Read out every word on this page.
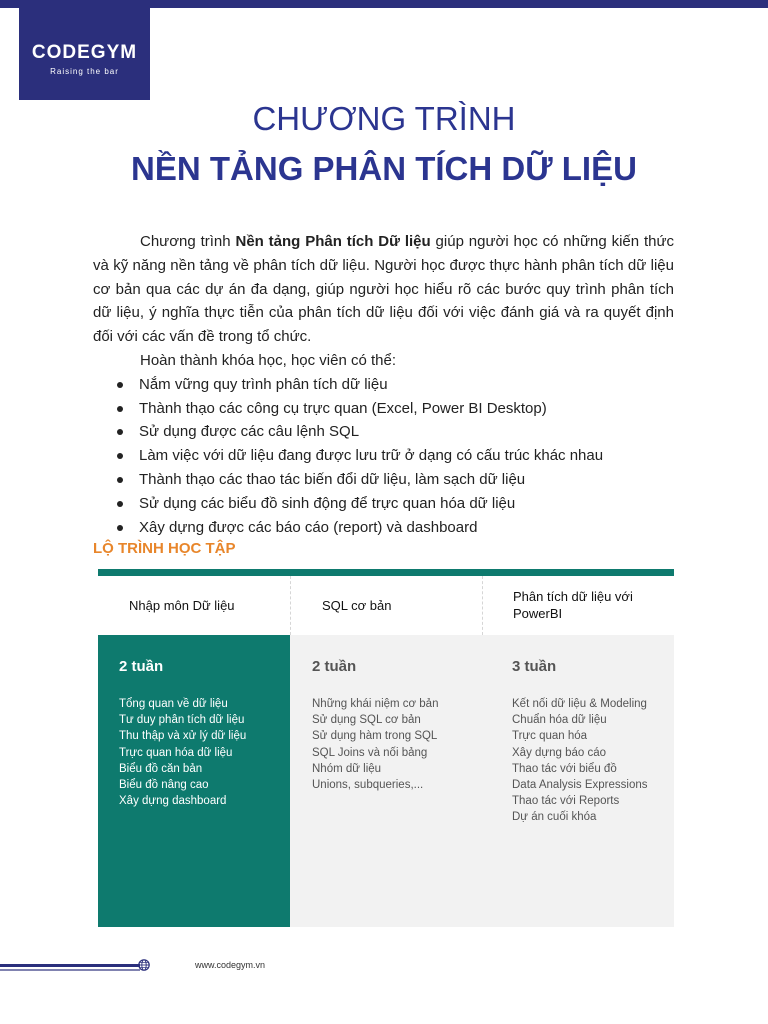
CODEGYM
Raising the bar
CHƯƠNG TRÌNH
NỀN TẢNG PHÂN TÍCH DỮ LIỆU

Chương trình Nền tảng Phân tích Dữ liệu giúp người học có những kiến thức và kỹ năng nền tảng về phân tích dữ liệu. Người học được thực hành phân tích dữ liệu cơ bản qua các dự án đa dạng, giúp người học hiểu rõ các bước quy trình phân tích dữ liệu, ý nghĩa thực tiễn của phân tích dữ liệu đối với việc đánh giá và ra quyết định đối với các vấn đề trong tổ chức.

Hoàn thành khóa học, học viên có thể:

Nắm vững quy trình phân tích dữ liệu
Thành thạo các công cụ trực quan (Excel, Power BI Desktop)
Sử dụng được các câu lệnh SQL
Làm việc với dữ liệu đang được lưu trữ ở dạng có cấu trúc khác nhau
Thành thạo các thao tác biến đổi dữ liệu, làm sạch dữ liệu
Sử dụng các biểu đồ sinh động để trực quan hóa dữ liệu
Xây dựng được các báo cáo (report) và dashboard
LỘ TRÌNH HỌC TẬP
Nhập môn Dữ liệu
2 tuần
Tổng quan về dữ liệu
Tư duy phân tích dữ liệu
Thu thập và xử lý dữ liệu
Trực quan hóa dữ liệu
Biểu đồ căn bản
Biểu đồ nâng cao
Xây dựng dashboard
SQL cơ bản
2 tuần
Những khái niệm cơ bản
Sử dụng SQL cơ bản
Sử dụng hàm trong SQL
SQL Joins và nối bảng
Nhóm dữ liệu
Unions, subqueries,...
Phân tích dữ liệu với PowerBI
3 tuần
Kết nối dữ liệu & Modeling
Chuẩn hóa dữ liệu
Trực quan hóa
Xây dựng báo cáo
Thao tác với biểu đồ
Data Analysis Expressions
Thao tác với Reports
Dự án cuối khóa
www.codegym.vn
